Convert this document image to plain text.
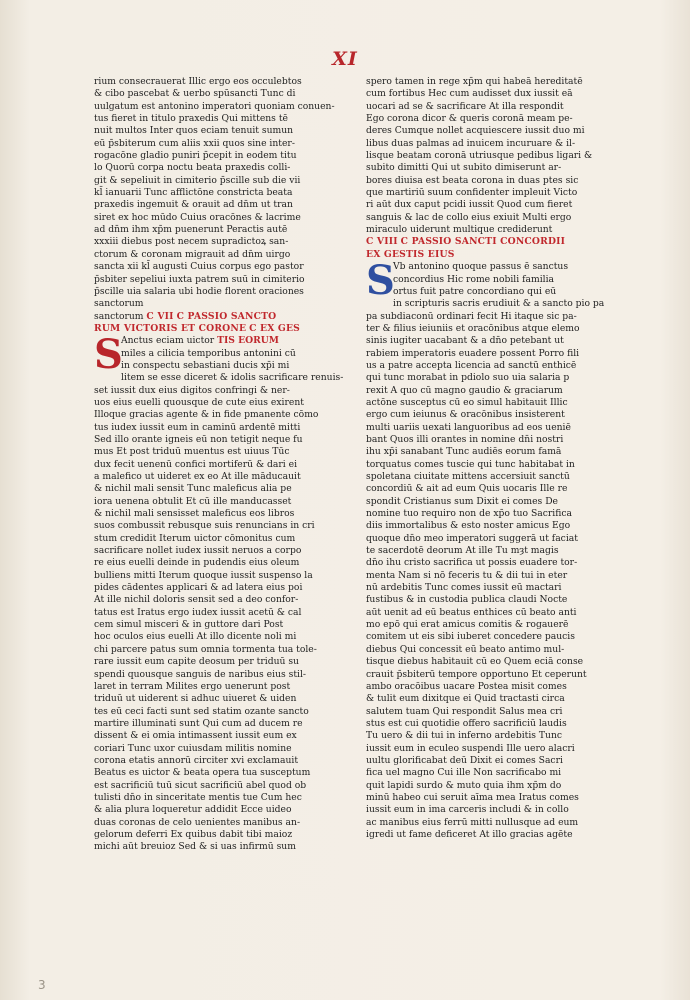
XI
rium consecrauerat Illic ergo eos occulebtos
& cibo pascebat & uerbo spūsancti Tunc di
uulgatum est antonino imperatori quoniam conuen-
tus fieret in titulo praxedis Qui mittens tē
nuit multos Inter quos eciam tenuit sumun
eū p̄sbiterum cum aliis xxii quos sine inter-
rogacōne gladio puniri p̄cepit in eodem titu
lo Quorū corpa noctu beata praxedis colli-
git & sepeliuit in cimiterio p̄scille sub die vii
kl̄ ianuarii Tunc afflictōne constricta beata
praxedis ingemuit & orauit ad dn̄m ut tran
siret ex hoc mūdo Cuius oracōnes & lacrime
ad dn̄m ihm xp̄m puenerunt Peractis autē
xxxiii diebus post necem supradictoꝝ san-
ctorum & coronam migrauit ad dn̄m uirgo
sancta xii kl̄ augusti Cuius corpus ego pastor
p̄sbiter sepeliui iuxta patrem suū in cimiterio
p̄scille uia salaria ubi hodie florent oraciones
sanctorum
sanctorum C VII C PASSIO SANCTO
RUM VICTORIS ET CORONE C EX GES
S
Anctus eciam uictor TIS EORUM
miles a cilicia temporibus antonini cū
in conspectu sebastiani ducis xp̄i mi
litem se esse diceret & idolis sacrificare renuis-
set iussit dux eius digitos confringi & ner-
uos eius euelli quousque de cute eius exirent
Illoque gracias agente & in fide pmanente cōmo
tus iudex iussit eum in caminū ardentē mitti
Sed illo orante igneis eū non tetigit neque fu
mus Et post triduū muentus est uiuus Tūc
dux fecit uenenū confici mortiferū & dari ei
a malefico ut uideret ex eo At ille māducauit
& nichil mali sensit Tunc maleficus alia pe
iora uenena obtulit Et cū ille manducasset
& nichil mali sensisset maleficus eos libros
suos combussit rebusque suis renuncians in cri
stum credidit Iterum uictor cōmonitus cum
sacrificare nollet iudex iussit neruos a corpo
re eius euelli deinde in pudendis eius oleum
bulliens mitti Iterum quoque iussit suspenso la
pides cādentes applicari & ad latera eius poi
At ille nichil doloris sensit sed a deo confor-
tatus est Iratus ergo iudex iussit acetū & cal
cem simul misceri & in guttore dari Post
hoc oculos eius euelli At illo dicente noli mi
chi parcere patus sum omnia tormenta tua tole-
rare iussit eum capite deosum per triduū su
spendi quousque sanguis de naribus eius stil-
laret in terram Milites ergo uenerunt post
triduū ut uiderent si adhuc uiueret & uiden
tes eū ceci facti sunt sed statim ozante sancto
martire illuminati sunt Qui cum ad ducem re
dissent & ei omia intimassent iussit eum ex
coriari Tunc uxor cuiusdam militis nomine
corona etatis annorū circiter xvi exclamauit
Beatus es uictor & beata opera tua susceptum
est sacrificiū tuū sicut sacrificiū abel quod ob
tulisti dn̄o in sinceritate mentis tue Cum hec
& alia plura loqueretur addidit Ecce uideo
duas coronas de celo uenientes manibus an-
gelorum deferri Ex quibus dabit tibi maioz
michi aūt breuioz Sed & si uas infirmū sum
spero tamen in rege xp̄m qui habeā hereditatē
cum fortibus Hec cum audisset dux iussit eā
uocari ad se & sacrificare At illa respondit
Ego corona dicor & queris coronā meam pe-
deres Cumque nollet acquiescere iussit duo mi
libus duas palmas ad inuicem incuruare & il-
lisque beatam coronā utriusque pedibus ligari &
subito dimitti Qui ut subito dimiserunt ar-
bores diuisa est beata corona in duas ptes sic
que martiriū suum confidenter impleuit Victo
ri aūt dux caput pcidi iussit Quod cum fieret
sanguis & lac de collo eius exiuit Multi ergo
miraculo uiderunt multique crediderunt
C VIII C PASSIO SANCTI CONCORDII
EX GESTIS EIUS
S
Vb antonino quoque passus ē sanctus
concordius Hic rome nobili familia
ortus fuit patre concordiano qui eū
in scripturis sacris erudiuit & a sancto pio pa
pa subdiaconū ordinari fecit Hi itaque sic pa-
ter & filius ieiuniis et oracōnibus atque elemo
sinis iugiter uacabant & a dn̄o petebant ut
rabiem imperatoris euadere possent Porro fili
us a patre accepta licencia ad sanctū enthicē
qui tunc morabat in pdiolo suo uia salaria p
rexit A quo cū magno gaudio & graciarum
actōne susceptus cū eo simul habitauit Illic
ergo cum ieiunus & oracōnibus insisterent
multi uariis uexati languoribus ad eos ueniē
bant Quos illi orantes in nomine dn̄i nostri
ihu xp̄i sanabant Tunc audiēs eorum famā
torquatus comes tuscie qui tunc habitabat in
spoletana ciuitate mittens accersiuit sanctū
concordiū & ait ad eum Quis uocaris Ille re
spondit Cristianus sum Dixit ei comes De
nomine tuo requiro non de xp̄o tuo Sacrifica
diis immortalibus & esto noster amicus Ego
quoque dn̄o meo imperatori suggerā ut faciat
te sacerdotē deorum At ille Tu mȝt magis
dn̄o ihu cristo sacrifica ut possis euadere tor-
menta Nam si nō feceris tu & dii tui in eter
nū ardebitis Tunc comes iussit eū mactari
fustibus & in custodia publica claudi Nocte
aūt uenit ad eū beatus enthices cū beato anti
mo epō qui erat amicus comitis & rogauerē
comitem ut eis sibi iuberet concedere paucis
diebus Qui concessit eū beato antimo mul-
tisque diebus habitauit cū eo Quem eciā conse
crauit p̄sbiterū tempore opportuno Et ceperunt
ambo oracōibus uacare Postea misit comes
& tulit eum dixitque ei Quid tractasti circa
salutem tuam Qui respondit Salus mea cri
stus est cui quotidie offero sacrificiū laudis
Tu uero & dii tui in inferno ardebitis Tunc
iussit eum in eculeo suspendi Ille uero alacri
uultu glorificabat deū Dixit ei comes Sacri
fica uel magno Cui ille Non sacrificabo mi
quit lapidi surdo & muto quia ihm xp̄m do
minū habeo cui seruit aīma mea Iratus comes
iussit eum in ima carceris includi & in collo
ac manibus eius ferrū mitti nullusque ad eum
igredi ut fame deficeret At illo gracias agēte
3
